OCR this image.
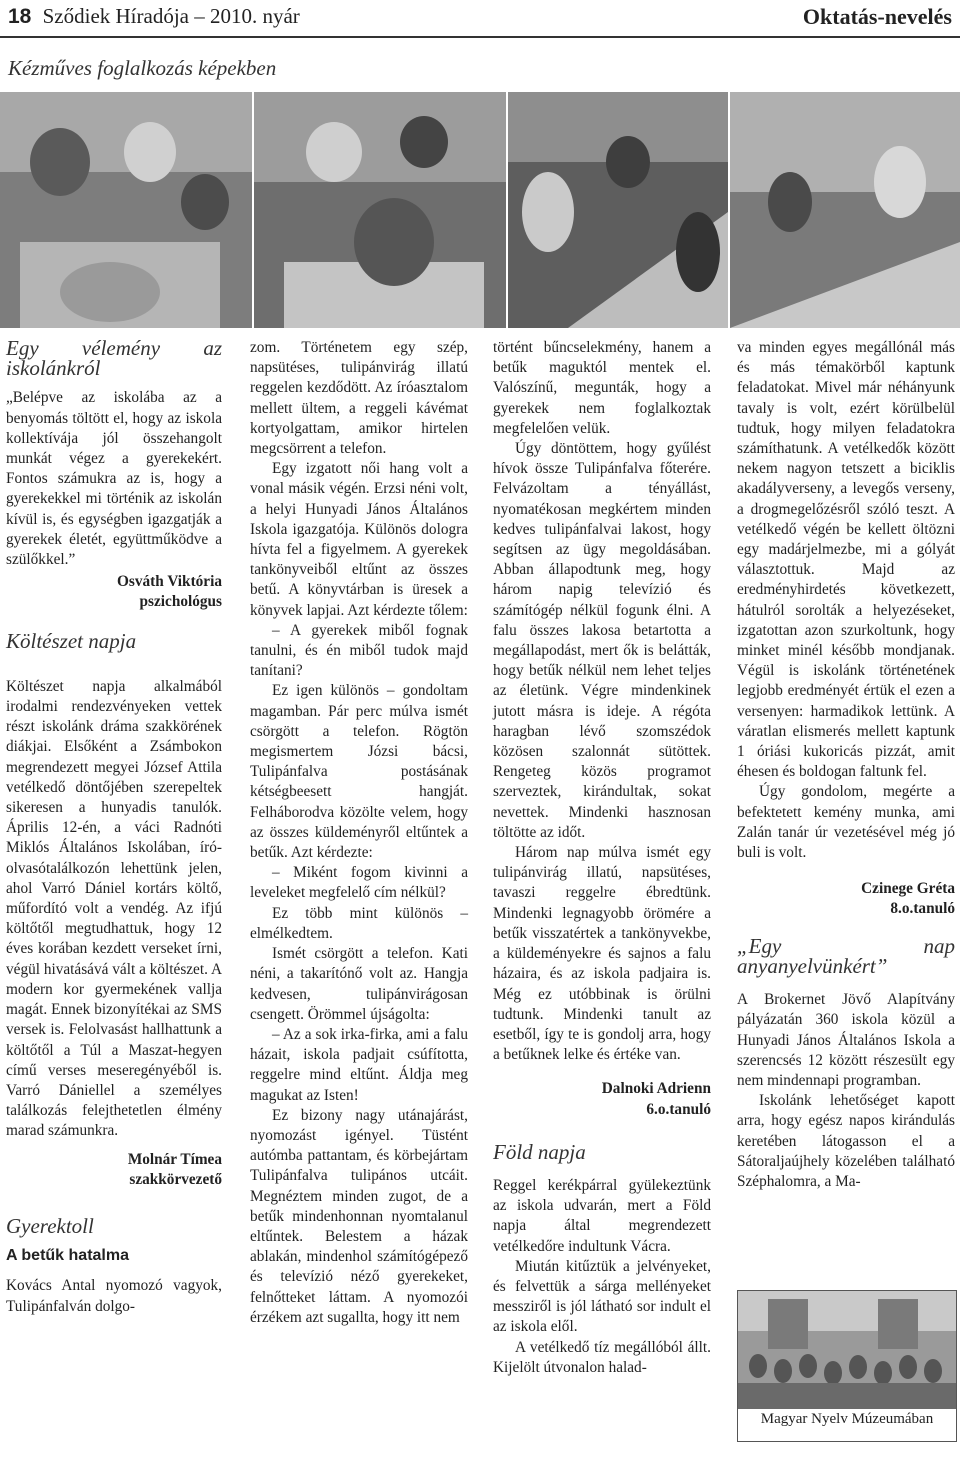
18 Sződiek Híradója – 2010. nyár	Oktatás-nevelés
Kézműves foglalkozás képekben
Egy vélemény az iskolánkról

„Belépve az iskolába az a benyomás töltött el, hogy az iskola kollektívája jól összehangolt munkát végez a gyerekekért. Fontos számukra az is, hogy a gyerekekkel mi történik az iskolán kívül is, és egységben igazgatják a gyerekek életét, együttműködve a szülőkkel.”

Osváth Viktória

pszichológus

Költészet napja

Költészet napja alkalmából irodalmi rendezvényeken vettek részt iskolánk dráma szakkörének diákjai. Elsőként a Zsámbokon megrendezett megyei József Attila vetélkedő döntőjében szerepeltek sikeresen a hunyadis tanulók. Április 12-én, a váci Radnóti Miklós Általános Iskolában, író-olvasótalálkozón lehettünk jelen, ahol Varró Dániel kortárs költő, műfordító volt a vendég. Az ifjú költőtől megtudhattuk, hogy 12 éves korában kezdett verseket írni, végül hivatásává vált a költészet. A modern kor gyermekének vallja magát. Ennek bizonyítékai az SMS versek is. Felolvasást hallhattunk a költőtől a Túl a Maszat-hegyen című verses meseregényéből is. Varró Dániellel a személyes találkozás felejthetetlen élmény marad számunkra.

Molnár Tímea

szakkörvezető

Gyerektoll

A betűk hatalma

Kovács Antal nyomozó vagyok, Tulipánfalván dolgo-

zom. Történetem egy szép, napsütéses, tulipánvirág illatú reggelen kezdődött. Az íróasztalom mellett ültem, a reggeli kávémat kortyolgattam, amikor hirtelen megcsörrent a telefon.

Egy izgatott női hang volt a vonal másik végén. Erzsi néni volt, a helyi Hunyadi János Általános Iskola igazgatója. Különös dologra hívta fel a figyelmem. A gyerekek tankönyveiből eltűnt az összes betű. A könyvtárban is üresek a könyvek lapjai. Azt kérdezte tőlem:

– A gyerekek miből fognak tanulni, és én miből tudok majd tanítani?

Ez igen különös – gondoltam magamban. Pár perc múlva ismét csörgött a telefon. Rögtön megismertem Józsi bácsi, Tulipánfalva postásának kétségbeesett hangját. Felháborodva közölte velem, hogy az összes küldeményről eltűntek a betűk. Azt kérdezte:

– Miként fogom kivinni a leveleket megfelelő cím nélkül?

Ez több mint különös – elmélkedtem.

Ismét csörgött a telefon. Kati néni, a takarítónő volt az. Hangja kedvesen, tulipánvirágosan csengett. Örömmel újságolta:

– Az a sok irka-firka, ami a falu házait, iskola padjait csúfította, reggelre mind eltűnt. Áldja meg magukat az Isten!

Ez bizony nagy utánajárást, nyomozást igényel. Tüstént autómba pattantam, és körbejártam Tulipánfalva tulipános utcáit. Megnéztem minden zugot, de a betűk mindenhonnan nyomtalanul eltűntek. Belestem a házak ablakán, mindenhol számítógépező és televízió néző gyerekeket, felnőtteket láttam. A nyomozói érzékem azt sugallta, hogy itt nem

történt bűncselekmény, hanem a betűk maguktól mentek el. Valószínű, megunták, hogy a gyerekek nem foglalkoztak megfelelően velük.

Úgy döntöttem, hogy gyűlést hívok össze Tulipánfalva főterére. Felvázoltam a tényállást, nyomatékosan megkértem minden kedves tulipánfalvai lakost, hogy segítsen az ügy megoldásában. Abban állapodtunk meg, hogy három napig televízió és számítógép nélkül fogunk élni. A falu összes lakosa betartotta a megállapodást, mert ők is belátták, hogy betűk nélkül nem lehet teljes az életünk. Végre mindenkinek jutott másra is ideje. A régóta haragban lévő szomszédok közösen szalonnát sütöttek. Rengeteg közös programot szerveztek, kirándultak, sokat nevettek. Mindenki hasznosan töltötte az időt.

Három nap múlva ismét egy tulipánvirág illatú, napsütéses, tavaszi reggelre ébredtünk. Mindenki legnagyobb örömére a betűk visszatértek a tankönyvekbe, a küldeményekre és sajnos a falu házaira, és az iskola padjaira is. Még ez utóbbinak is örülni tudtunk. Mindenki tanult az esetből, így te is gondolj arra, hogy a betűknek lelke és értéke van.

Dalnoki Adrienn

6.o.tanuló

Föld napja

Reggel kerékpárral gyülekeztünk az iskola udvarán, mert a Föld napja által megrendezett vetélkedőre indultunk Vácra.

Miután kitűztük a jelvényeket, és felvettük a sárga mellényeket messziről is jól látható sor indult el az iskola elől.

A vetélkedő tíz megállóból állt. Kijelölt útvonalon halad-

va minden egyes megállónál más és más témakörből kaptunk feladatokat. Mivel már néhányunk tavaly is volt, ezért körülbelül tudtuk, hogy milyen feladatokra számíthatunk. A vetélkedők között nekem nagyon tetszett a biciklis akadályverseny, a levegős verseny, a drogmegelőzésről szóló teszt. A vetélkedő végén be kellett öltözni egy madárjelmezbe, mi a gólyát választottuk. Majd az eredményhirdetés következett, hátulról sorolták a helyezéseket, izgatottan azon szurkoltunk, hogy minket minél később mondjanak. Végül is iskolánk történetének legjobb eredményét értük el ezen a versenyen: harmadikok lettünk. A váratlan elismerés mellett kaptunk 1 óriási kukoricás pizzát, amit éhesen és boldogan faltunk fel.

Úgy gondolom, megérte a befektetett kemény munka, ami Zalán tanár úr vezetésével még jó buli is volt.

Czinege Gréta

8.o.tanuló

„Egy nap anyanyelvünkért”

A Brokernet Jövő Alapítvány pályázatán 360 iskola közül a Hunyadi János Általános Iskola a szerencsés 12 között részesült egy nem mindennapi programban.

Iskolánk lehetőséget kapott arra, hogy egész napos kirándulás keretében látogasson el a Sátoraljaújhely közelében található Széphalomra, a Ma-

Magyar Nyelv Múzeumában
